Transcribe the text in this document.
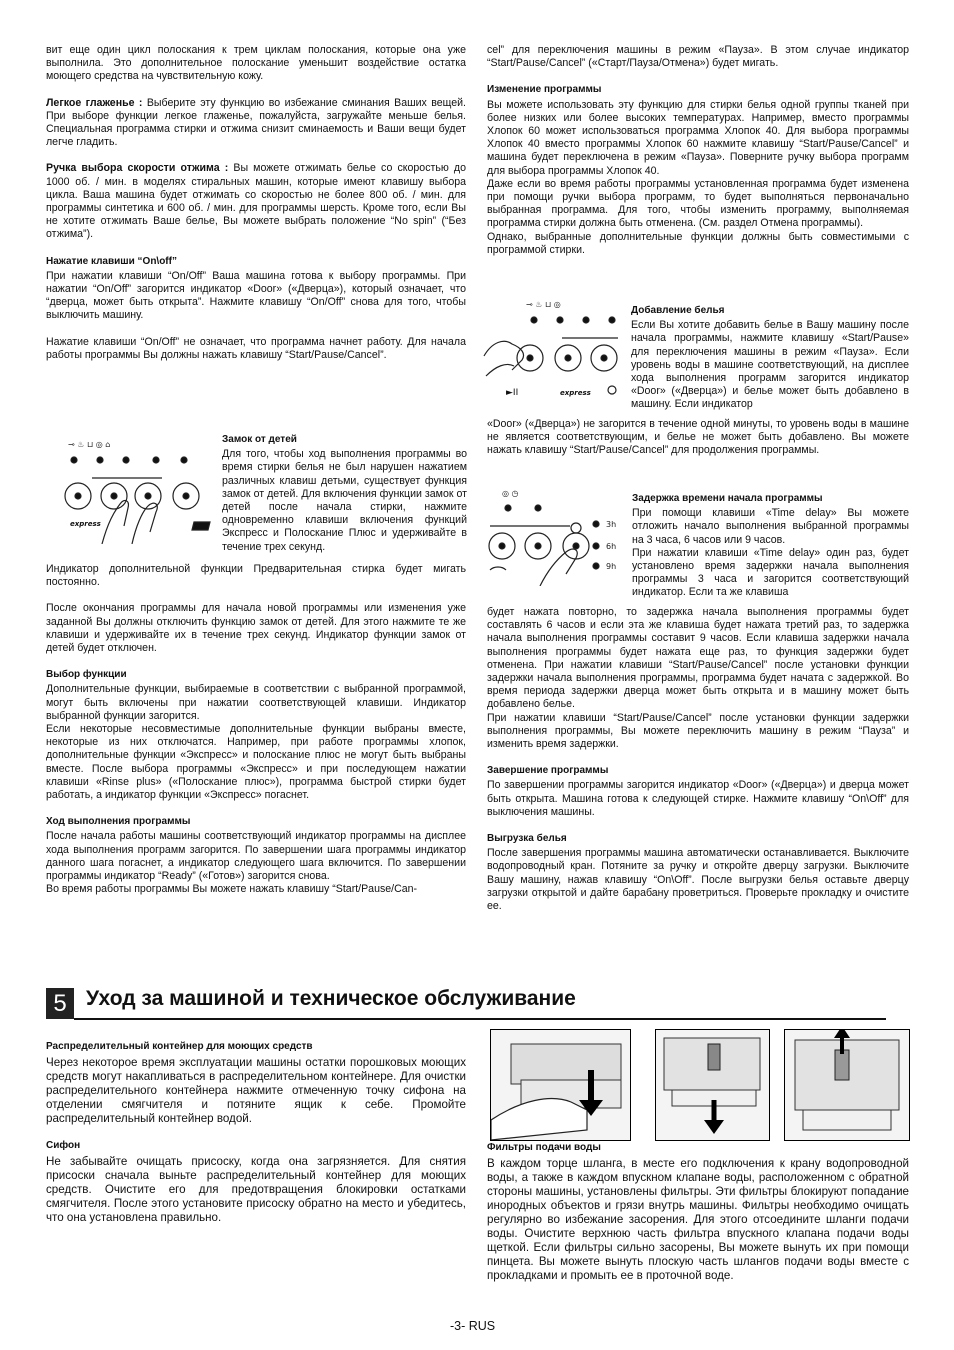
вит еще один цикл полоскания к трем циклам полоскания, которые она уже выполнила. Это дополнительное полоскание уменьшит воздействие остатка моющего средства на чувствительную кожу.

Легкое глаженье : Выберите эту функцию во избежание сминания Ваших вещей. При выборе функции легкое глаженье, пожалуйста, загружайте меньше белья. Специальная программа стирки и отжима снизит сминаемость и Ваши вещи будет легче гладить.

Ручка выбора скорости отжима : Вы можете отжимать белье со скоростью до 1000 об. / мин. в моделях стиральных машин, которые имеют клавишу выбора цикла. Ваша машина будет отжимать со скоростью не более 800 об. / мин. для программы синтетика и 600 об. / мин. для программы шерсть. Кроме того, если Вы не хотите отжимать Ваше белье, Вы можете выбрать положение “No spin” (“Без отжима”).

Нажатие клавиши “On\off”

При нажатии клавиши “On/Off” Ваша машина готова к выбору программы. При нажатии “On/Off” загорится индикатор «Door» («Дверца»), который означает, что “дверца, может быть открыта”. Нажмите клавишу “On/Off” снова для того, чтобы выключить машину.

Нажатие клавиши “On/Off” не означает, что программа начнет работу. Для начала работы программы Вы должны нажать клавишу “Start/Pause/Cancel”.

⊸ ♨ ⊔ ◎ ⌂
express
Замок от детей

Для того, чтобы ход выполнения программы во время стирки белья не был нарушен нажатием различных клавиш детьми, существует функция замок от детей. Для включения функции замок от детей после начала стирки, нажмите одновременно клавиши включения функций Экспресс и Полоскание Плюс и удерживайте в течение трех секунд.

Индикатор дополнительной функции Предварительная стирка будет мигать постоянно.

После окончания программы для начала новой программы или изменения уже заданной Вы должны отключить функцию замок от детей. Для этого нажмите те же клавиши и удерживайте их в течение трех секунд. Индикатор функции замок от детей будет отключен.

Выбор функции

Дополнительные функции, выбираемые в соответствии с выбранной программой, могут быть включены при нажатии соответствующей клавиши. Индикатор выбранной функции загорится.

Если некоторые несовместимые дополнительные функции выбраны вместе, некоторые из них отключатся. Например, при работе программы хлопок, дополнительные функции «Экспресс» и полоскание плюс не могут быть выбраны вместе. После выбора программы «Экспресс» и при последующем нажатии клавиши «Rinse plus» («Полоскание плюс»), программа быстрой стирки будет работать, а индикатор функции «Экспресс» погаснет.

Ход выполнения программы

После начала работы машины соответствующий индикатор программы на дисплее хода выполнения программ загорится. По завершении шага программы индикатор данного шага погаснет, а индикатор следующего шага включится. По завершении программы индикатор “Ready” («Готов») загорится снова.

Во время работы программы Вы можете нажать клавишу “Start/Pause/Can-

cel” для переключения машины в режим «Пауза». В этом случае индикатор “Start/Pause/Cancel” («Старт/Пауза/Отмена») будет мигать.

Изменение программы

Вы можете использовать эту функцию для стирки белья одной группы тканей при более низких или более высоких температурах. Например, вместо программы Хлопок 60 может использоваться программа Хлопок 40. Для выбора программы Хлопок 40 вместо программы Хлопок 60 нажмите клавишу “Start/Pause/Cancel” и машина будет переключена в режим «Пауза». Поверните ручку выбора программ для выбора программы Хлопок 40.

Даже если во время работы программы установленная программа будет изменена при помощи ручки выбора программ, то будет выполняться первоначально выбранная программа. Для того, чтобы изменить программу, выполняемая программа стирки должна быть отменена. (См. раздел Отмена программы).

Однако, выбранные дополнительные функции должны быть совместимыми с программой стирки.

⊸ ♨ ⊔ ◎
►II	express
Добавление белья

Если Вы хотите добавить белье в Вашу машину после начала программы, нажмите клавишу «Start/Pause» для переключения машины в режим «Пауза». Если уровень воды в машине соответствующий, на дисплее хода выполнения программ загорится индикатор «Door» («Дверца») и белье может быть добавлено в машину. Если индикатор

«Door» («Дверца») не загорится в течение одной минуты, то уровень воды в машине не является соответствующим, и белье не может быть добавлено. Вы можете нажать клавишу “Start/Pause/Cancel” для продолжения программы.

◎ ◷
3h
6h
9h
Задержка времени начала программы

При помощи клавиши «Time delay» Вы можете отложить начало выполнения выбранной программы на 3 часа, 6 часов или 9 часов.

При нажатии клавиши «Time delay» один раз, будет установлено время задержки начала выполнения программы 3 часа и загорится соответствующий индикатор. Если та же клавиша

будет нажата повторно, то задержка начала выполнения программы будет составлять 6 часов и если эта же клавиша будет нажата третий раз, то задержка начала выполнения программы составит 9 часов. Если клавиша задержки начала выполнения программы будет нажата еще раз, то функция задержки будет отменена. При нажатии клавиши “Start/Pause/Cancel” после установки функции задержки начала выполнения программы, программа будет начата с задержкой. Во время периода задержки дверца может быть открыта и в машину может быть добавлено белье.

При нажатии клавиши “Start/Pause/Cancel” после установки функции задержки выполнения программы, Вы можете переключить машину в режим “Пауза” и изменить время задержки.

Завершение программы

По завершении программы загорится индикатор «Door» («Дверца») и дверца может быть открыта. Машина готова к следующей стирке. Нажмите клавишу “On\Off” для выключения машины.

Выгрузка белья

После завершения программы машина автоматически останавливается. Выключите водопроводный кран. Потяните за ручку и откройте дверцу загрузки. Выключите Вашу машину, нажав клавишу “On\Off”. После выгрузки белья оставьте дверцу загрузки открытой и дайте барабану проветриться. Проверьте прокладку и очистите ее.

5 Уход за машиной и техническое обслуживание
Распределительный контейнер для моющих средств

Через некоторое время эксплуатации машины остатки порошковых моющих средств могут накапливаться в распределительном контейнере. Для очистки распределительного контейнера нажмите отмеченную точку сифона на отделении смягчителя и потяните ящик к себе. Промойте распределительный контейнер водой.

Сифон

Не забывайте очищать присоску, когда она загрязняется. Для снятия присоски сначала выньте распределительный контейнер для моющих средств. Очистите его для предотвращения блокировки остатками смягчителя. После этого установите присоску обратно на место и убедитесь, что она установлена правильно.

Фильтры подачи воды

В каждом торце шланга, в месте его подключения к крану водопроводной воды, а также в каждом впускном клапане воды, расположенном с обратной стороны машины, установлены фильтры. Эти фильтры блокируют попадание инородных объектов и грязи внутрь машины. Фильтры необходимо очищать регулярно во избежание засорения. Для этого отсоедините шланги подачи воды. Очистите верхнюю часть фильтра впускного клапана подачи воды щеткой. Если фильтры сильно засорены, Вы можете вынуть их при помощи пинцета. Вы можете вынуть плоскую часть шлангов подачи воды вместе с прокладками и промыть ее в проточной воде.

-3- RUS
